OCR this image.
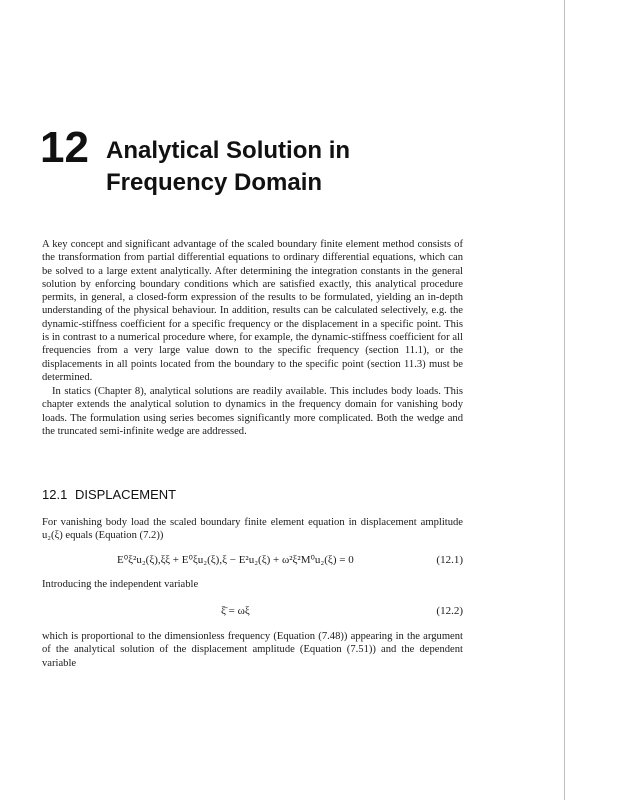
12 Analytical Solution in
Frequency Domain

A key concept and significant advantage of the scaled boundary finite element method consists of the transformation from partial differential equations to ordinary differential equations, which can be solved to a large extent analytically. After determining the integration constants in the general solution by enforcing boundary conditions which are satisfied exactly, this analytical procedure permits, in general, a closed-form expression of the results to be formulated, yielding an in-depth understanding of the physical behaviour. In addition, results can be calculated selectively, e.g. the dynamic-stiffness coefficient for a specific frequency or the displacement in a specific point. This is in contrast to a numerical procedure where, for example, the dynamic-stiffness coefficient for all frequencies from a very large value down to the specific frequency (section 11.1), or the displacements in all points located from the boundary to the specific point (section 11.3) must be determined.

In statics (Chapter 8), analytical solutions are readily available. This includes body loads. This chapter extends the analytical solution to dynamics in the frequency domain for vanishing body loads. The formulation using series becomes significantly more complicated. Both the wedge and the truncated semi-infinite wedge are addressed.

12.1 DISPLACEMENT

For vanishing body load the scaled boundary finite element equation in displacement amplitude u₂(ξ) equals (Equation (7.2))

E⁰ξ²u₂(ξ),ξξ + E⁰ξu₂(ξ),ξ − E²u₂(ξ) + ω²ξ²M⁰u₂(ξ) = 0	(12.1)

Introducing the independent variable

ξ̄ = ωξ	(12.2)

which is proportional to the dimensionless frequency (Equation (7.48)) appearing in the argument of the analytical solution of the displacement amplitude (Equation (7.51)) and the dependent variable
